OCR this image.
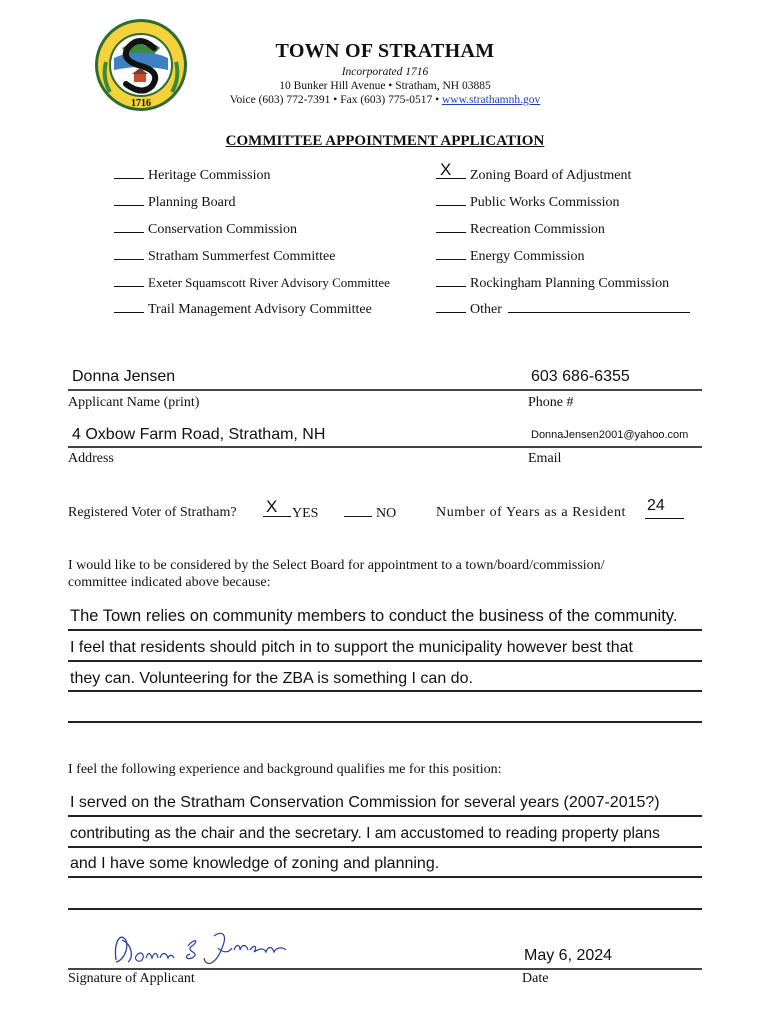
1716
TOWN OF STRATHAM
Incorporated 1716
10 Bunker Hill Avenue • Stratham, NH 03885
Voice (603) 772-7391 • Fax (603) 775-0517 • www.strathamnh.gov
COMMITTEE APPOINTMENT APPLICATION
Heritage Commission
Planning Board
Conservation Commission
Stratham Summerfest Committee
Exeter Squamscott River Advisory Committee
Trail Management Advisory Committee
X	Zoning Board of Adjustment
Public Works Commission
Recreation Commission
Energy Commission
Rockingham Planning Commission
Other
Donna Jensen	603 686-6355
Applicant Name (print)	Phone #
4 Oxbow Farm Road, Stratham, NH	DonnaJensen2001@yahoo.com
Address	Email
Registered Voter of Stratham? X	YES	NO	Number of Years as a Resident 24
I would like to be considered by the Select Board for appointment to a town/board/commission/
committee indicated above because:
The Town relies on community members to conduct the business of the community.
I feel that residents should pitch in to support the municipality however best that
they can. Volunteering for the ZBA is something I can do.
I feel the following experience and background qualifies me for this position:
I served on the Stratham Conservation Commission for several years (2007-2015?)
contributing as the chair and the secretary. I am accustomed to reading property plans
and I have some knowledge of zoning and planning.
May 6, 2024
Signature of Applicant	Date
